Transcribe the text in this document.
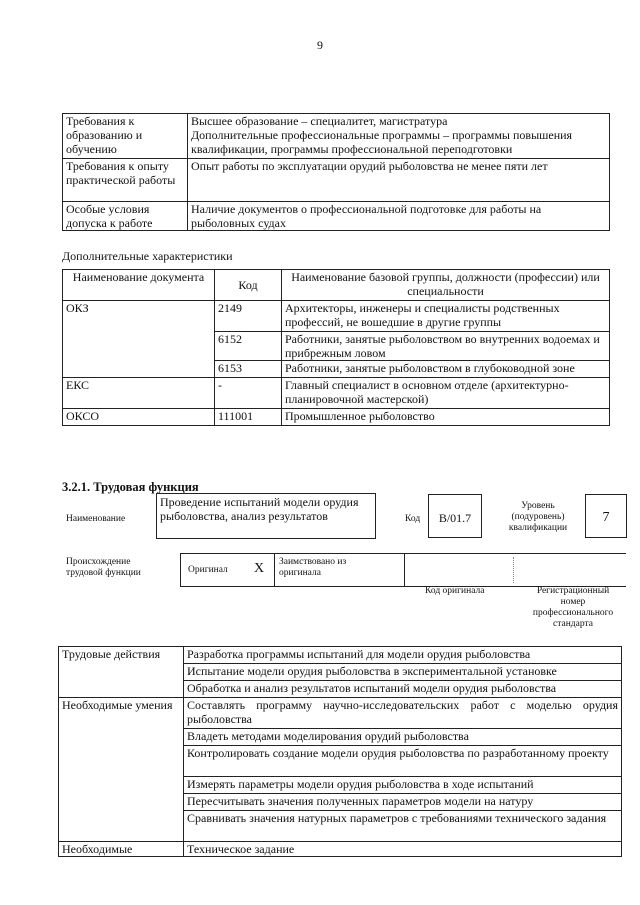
9
Требования к образованию и обучению	Высшее образование – специалитет, магистратура
Дополнительные профессиональные программы – программы повышения квалификации, программы профессиональной переподготовки

Требования к опыту практической работы	Опыт работы по эксплуатации орудий рыболовства не менее пяти лет
Особые условия допуска к работе	Наличие документов о профессиональной подготовке для работы на рыболовных судах
Дополнительные характеристики
Наименование документа	Код	Наименование базовой группы, должности (профессии) или специальности
ОКЗ	2149	Архитекторы, инженеры и специалисты родственных профессий, не вошедшие в другие группы
	6152	Работники, занятые рыболовством во внутренних водоемах и прибрежным ловом
	6153	Работники, занятые рыболовством в глубоководной зоне
ЕКС	-	Главный специалист в основном отделе (архитектурно-планировочной мастерской)
ОКСО	111001	Промышленное рыболовство
3.2.1. Трудовая функция
Наименование
Проведение испытаний модели орудия рыболовства, анализ результатов	Код	B/01.7
Уровень (подуровень) квалификации
7
Происхождение трудовой функции	Оригинал X Заимствовано из оригинала
Код оригинала	Регистрационный номер профессионального стандарта
Трудовые действия	Разработка программы испытаний для модели орудия рыболовства
	Испытание модели орудия рыболовства в экспериментальной установке
	Обработка и анализ результатов испытаний модели орудия рыболовства
Необходимые умения	Составлять программу научно-исследовательских работ с моделью орудия рыболовства
	Владеть методами моделирования орудий рыболовства
	Контролировать создание модели орудия рыболовства по разработанному проекту
	Измерять параметры модели орудия рыболовства в ходе испытаний
	Пересчитывать значения полученных параметров модели на натуру
	Сравнивать значения натурных параметров с требованиями технического задания
Необходимые	Техническое задание
